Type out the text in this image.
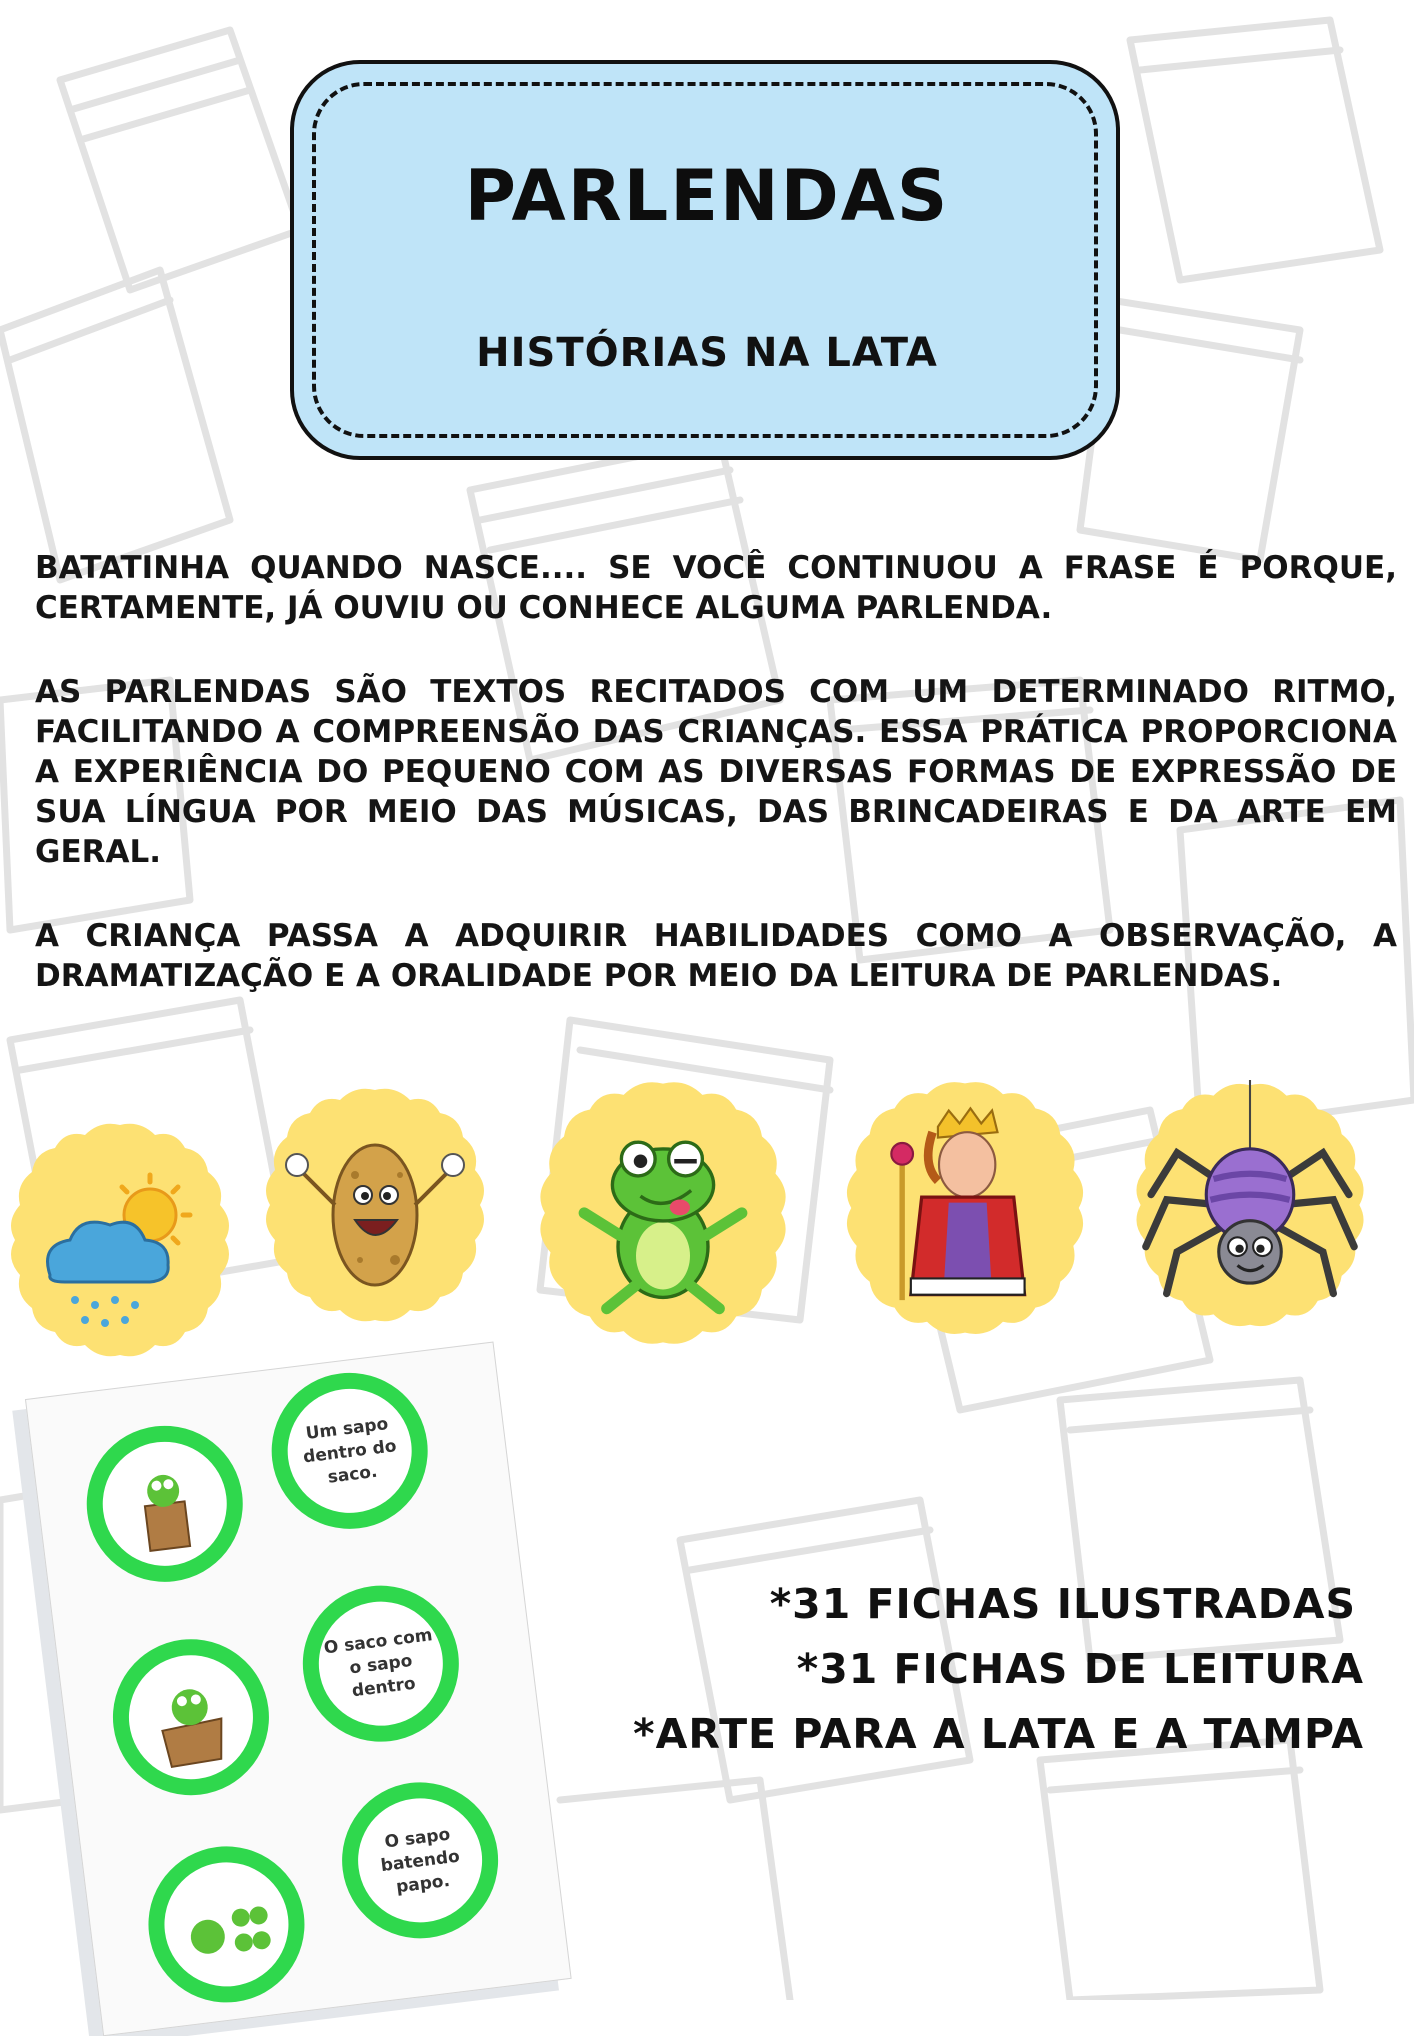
PARLENDAS
HISTÓRIAS NA LATA
BATATINHA QUANDO NASCE.... SE VOCÊ CONTINUOU A FRASE É PORQUE, CERTAMENTE, JÁ OUVIU OU CONHECE ALGUMA PARLENDA.
AS PARLENDAS SÃO TEXTOS RECITADOS COM UM DETERMINADO RITMO, FACILITANDO A COMPREENSÃO DAS CRIANÇAS. ESSA PRÁTICA PROPORCIONA A EXPERIÊNCIA DO PEQUENO COM AS DIVERSAS FORMAS DE EXPRESSÃO DE SUA LÍNGUA POR MEIO DAS MÚSICAS, DAS BRINCADEIRAS E DA ARTE EM GERAL.
A CRIANÇA PASSA A ADQUIRIR HABILIDADES COMO A OBSERVAÇÃO, A DRAMATIZAÇÃO E A ORALIDADE POR MEIO DA LEITURA DE PARLENDAS.
Um sapo dentro do saco.
O saco com o sapo dentro
O sapo batendo papo.
*31 FICHAS ILUSTRADAS
*31 FICHAS DE LEITURA
*ARTE PARA A LATA E A TAMPA
